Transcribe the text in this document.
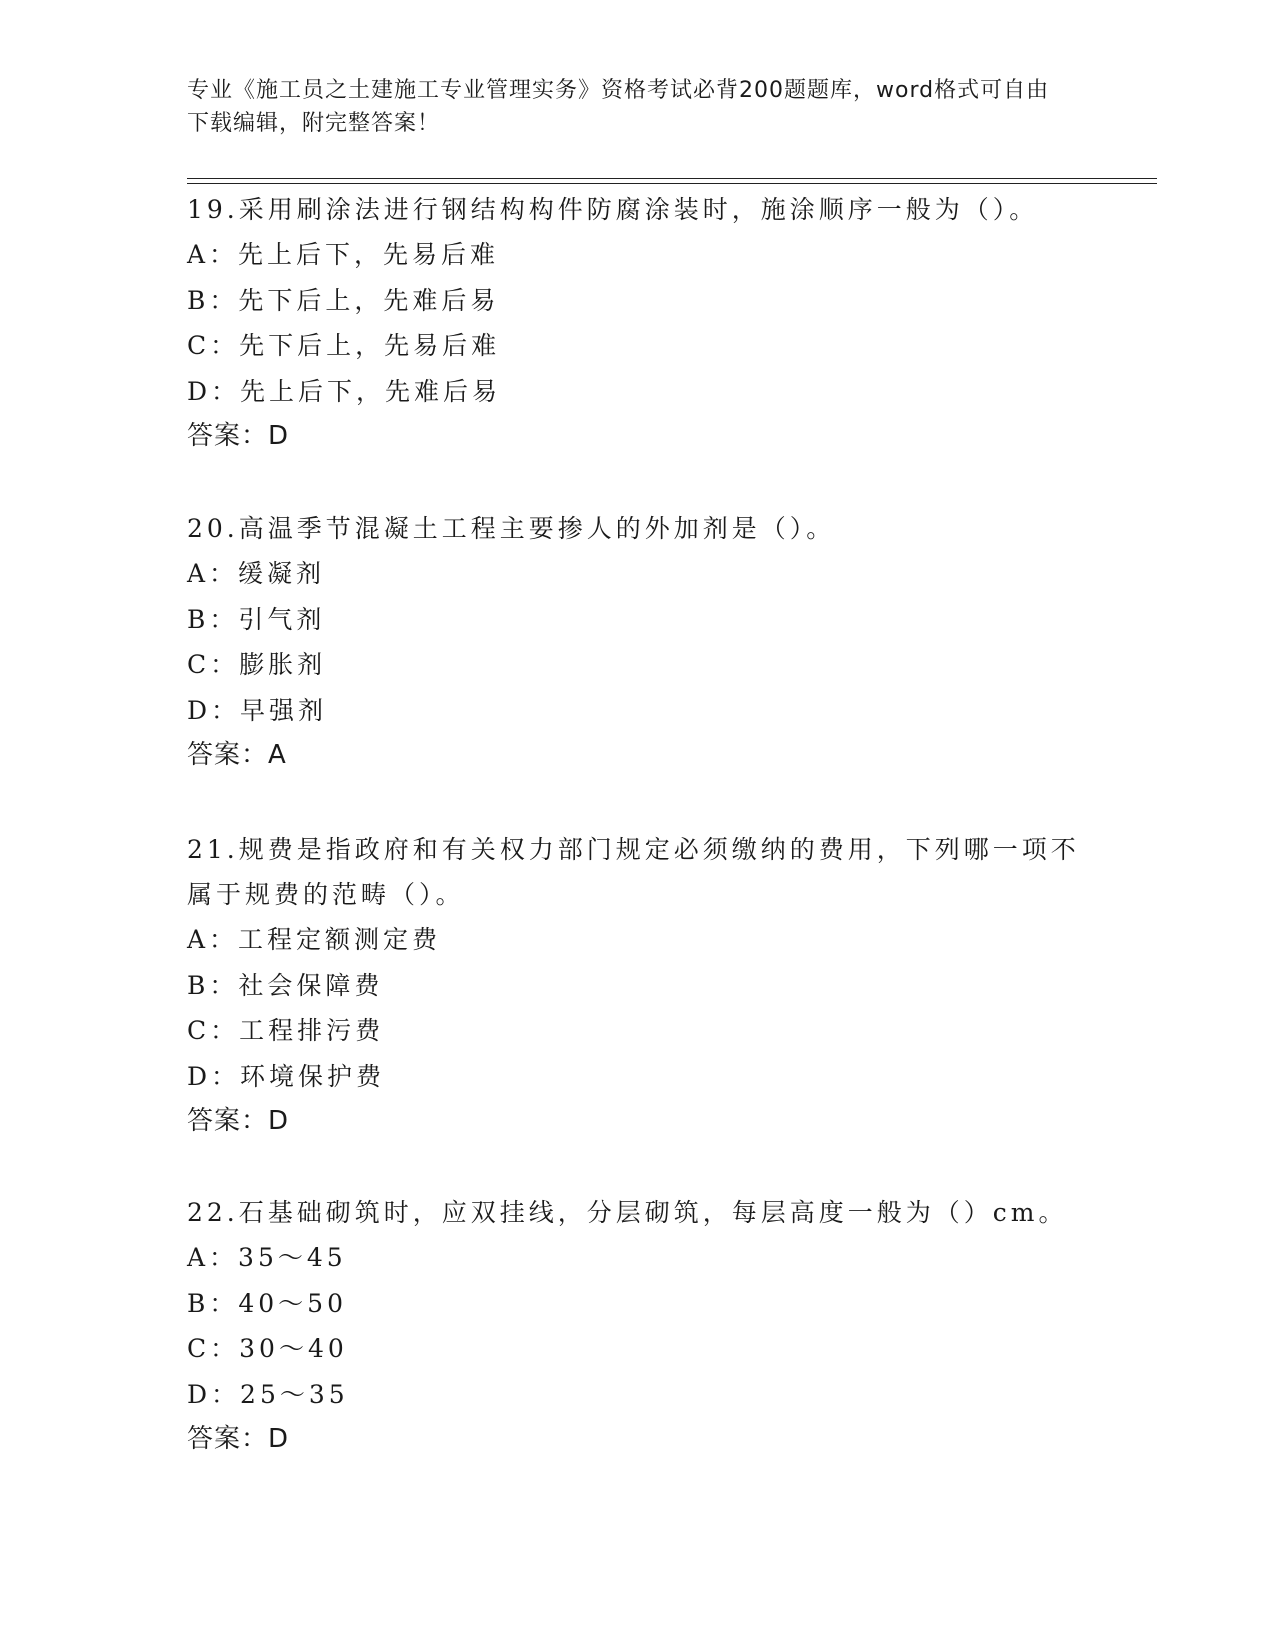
专业《施工员之土建施工专业管理实务》资格考试必背200题题库，word格式可自由下载编辑，附完整答案！

19.采用刷涂法进行钢结构构件防腐涂装时，施涂顺序一般为（）。

A：先上后下，先易后难

B：先下后上，先难后易

C：先下后上，先易后难

D：先上后下，先难后易

答案：D

20.高温季节混凝土工程主要掺人的外加剂是（）。

A：缓凝剂

B：引气剂

C：膨胀剂

D：早强剂

答案：A

21.规费是指政府和有关权力部门规定必须缴纳的费用，下列哪一项不属于规费的范畴（）。

A：工程定额测定费

B：社会保障费

C：工程排污费

D：环境保护费

答案：D

22.石基础砌筑时，应双挂线，分层砌筑，每层高度一般为（）cm。

A：35～45

B：40～50

C：30～40

D：25～35

答案：D
